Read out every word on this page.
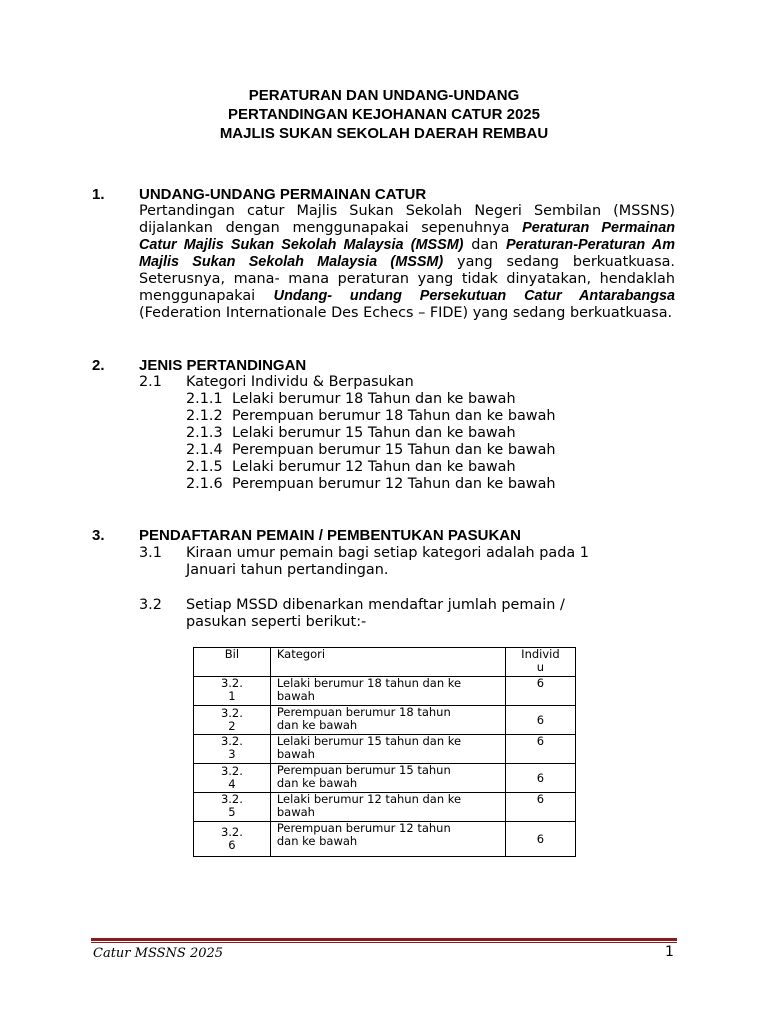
PERATURAN DAN UNDANG-UNDANG
PERTANDINGAN KEJOHANAN CATUR 2025
MAJLIS SUKAN SEKOLAH DAERAH REMBAU
1. UNDANG-UNDANG PERMAINAN CATUR
Pertandingan catur Majlis Sukan Sekolah Negeri Sembilan (MSSNS) dijalankan dengan menggunapakai sepenuhnya Peraturan Permainan Catur Majlis Sukan Sekolah Malaysia (MSSM) dan Peraturan-Peraturan Am Majlis Sukan Sekolah Malaysia (MSSM) yang sedang berkuatkuasa. Seterusnya, mana- mana peraturan yang tidak dinyatakan, hendaklah menggunapakai Undang- undang Persekutuan Catur Antarabangsa (Federation Internationale Des Echecs – FIDE) yang sedang berkuatkuasa.
2. JENIS PERTANDINGAN
2.1 Kategori Individu & Berpasukan
2.1.1 Lelaki berumur 18 Tahun dan ke bawah
2.1.2 Perempuan berumur 18 Tahun dan ke bawah
2.1.3 Lelaki berumur 15 Tahun dan ke bawah
2.1.4 Perempuan berumur 15 Tahun dan ke bawah
2.1.5 Lelaki berumur 12 Tahun dan ke bawah
2.1.6 Perempuan berumur 12 Tahun dan ke bawah
3. PENDAFTARAN PEMAIN / PEMBENTUKAN PASUKAN
3.1 Kiraan umur pemain bagi setiap kategori adalah pada 1
Januari tahun pertandingan.
3.2 Setiap MSSD dibenarkan mendaftar jumlah pemain /
pasukan seperti berikut:-
Bil	Kategori	Individ
u
3.2.
1	Lelaki berumur 18 tahun dan ke
bawah	6
3.2.
2	Perempuan berumur 18 tahun
dan ke bawah	6
3.2.
3	Lelaki berumur 15 tahun dan ke
bawah	6
3.2.
4	Perempuan berumur 15 tahun
dan ke bawah	6
3.2.
5	Lelaki berumur 12 tahun dan ke
bawah	6
3.2.
6	Perempuan berumur 12 tahun
dan ke bawah	6
Catur MSSNS 2025	1
